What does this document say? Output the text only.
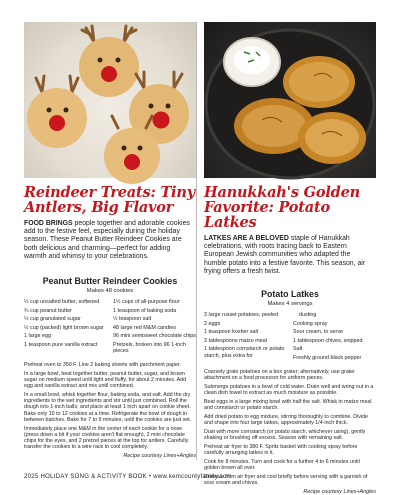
Reindeer Treats: Tiny Antlers, Big Flavor

FOOD BRINGS people together and adorable cookies add to the festive feel, especially during the holiday season. These Peanut Butter Reindeer Cookies are both delicious and charming—perfect for adding warmth and whimsy to your celebrations.

Peanut Butter Reindeer Cookies
Makes 48 cookies
½ cup unsalted butter, softened
¾ cup peanut butter
½ cup granulated sugar
½ cup (packed) light brown sugar
1 large egg
1 teaspoon pure vanilla extract
1½ cups of all-purpose flour
1 teaspoon of baking soda
½ teaspoon salt
48 large red M&M candies
96 mini semisweet chocolate chips
Pretzels, broken into 96 1-inch pieces

Preheat oven to 350 F. Line 2 baking sheets with parchment paper.

In a large bowl, beat together butter, peanut butter, sugar, and brown sugar on medium speed until light and fluffy, for about 2 minutes. Add egg and vanilla extract and mix until combined.

In a small bowl, whisk together flour, baking soda, and salt. Add the dry ingredients to the wet ingredients and stir until just combined. Roll the dough into 1-inch balls, and place at least 1 inch apart on cookie sheet. Bake only 10 to 12 cookies at a time. Refrigerate the bowl of dough in between batches. Bake for 7 to 9 minutes, until the cookies are just set.

Immediately place one M&M in the center of each cookie for a nose (press down a bit if your cookies aren't flat enough), 2 mini chocolate chips for the eyes, and 2 pretzel pieces at the top for antlers. Carefully transfer the cookies to a wire rack to cool completely.

Recipe courtesy Lines+Angles
Hanukkah's Golden Favorite: Potato Latkes

LATKES ARE A BELOVED staple of Hanukkah celebrations, with roots tracing back to Eastern European Jewish communities who adapted the humble potato into a festive favorite. This season, air frying offers a fresh twist.

Potato Latkes
Makes 4 servings
3 large russet potatoes, peeled
2 eggs
1 teaspoon kosher salt
3 tablespoons matzo meal
1 tablespoon cornstarch or potato starch, plus extra for
dusting
Cooking spray
Sour cream, to serve
1 tablespoon chives, snipped
Salt
Freshly ground black pepper

Coarsely grate potatoes on a box grater; alternatively, use grater attachment on a food processor for uniform pieces.

Submerge potatoes in a bowl of cold water. Drain well and wring out in a clean dish towel to extract as much moisture as possible.

Beat eggs in a large mixing bowl with half the salt. Whisk in matzo meal and cornstarch or potato starch.

Add dried potato to egg mixture, stirring thoroughly to combine. Divide and shape into four large latkes, approximately 1/4-inch thick.

Dust with more cornstarch (or potato starch, whichever using), gently shaking or brushing off excess. Season with remaining salt.

Preheat air fryer to 380 F. Spritz basket with cooking spray before carefully arranging latkes in it.

Cook for 8 minutes. Turn and cook for a further 4 to 6 minutes until golden brown all over.

Remove from air fryer and cool briefly before serving with a garnish of sour cream and chives.

Recipe courtesy Lines+Angles
2025 HOLIDAY SONG & ACTIVITY BOOK • www.kemcountyfamily.com
